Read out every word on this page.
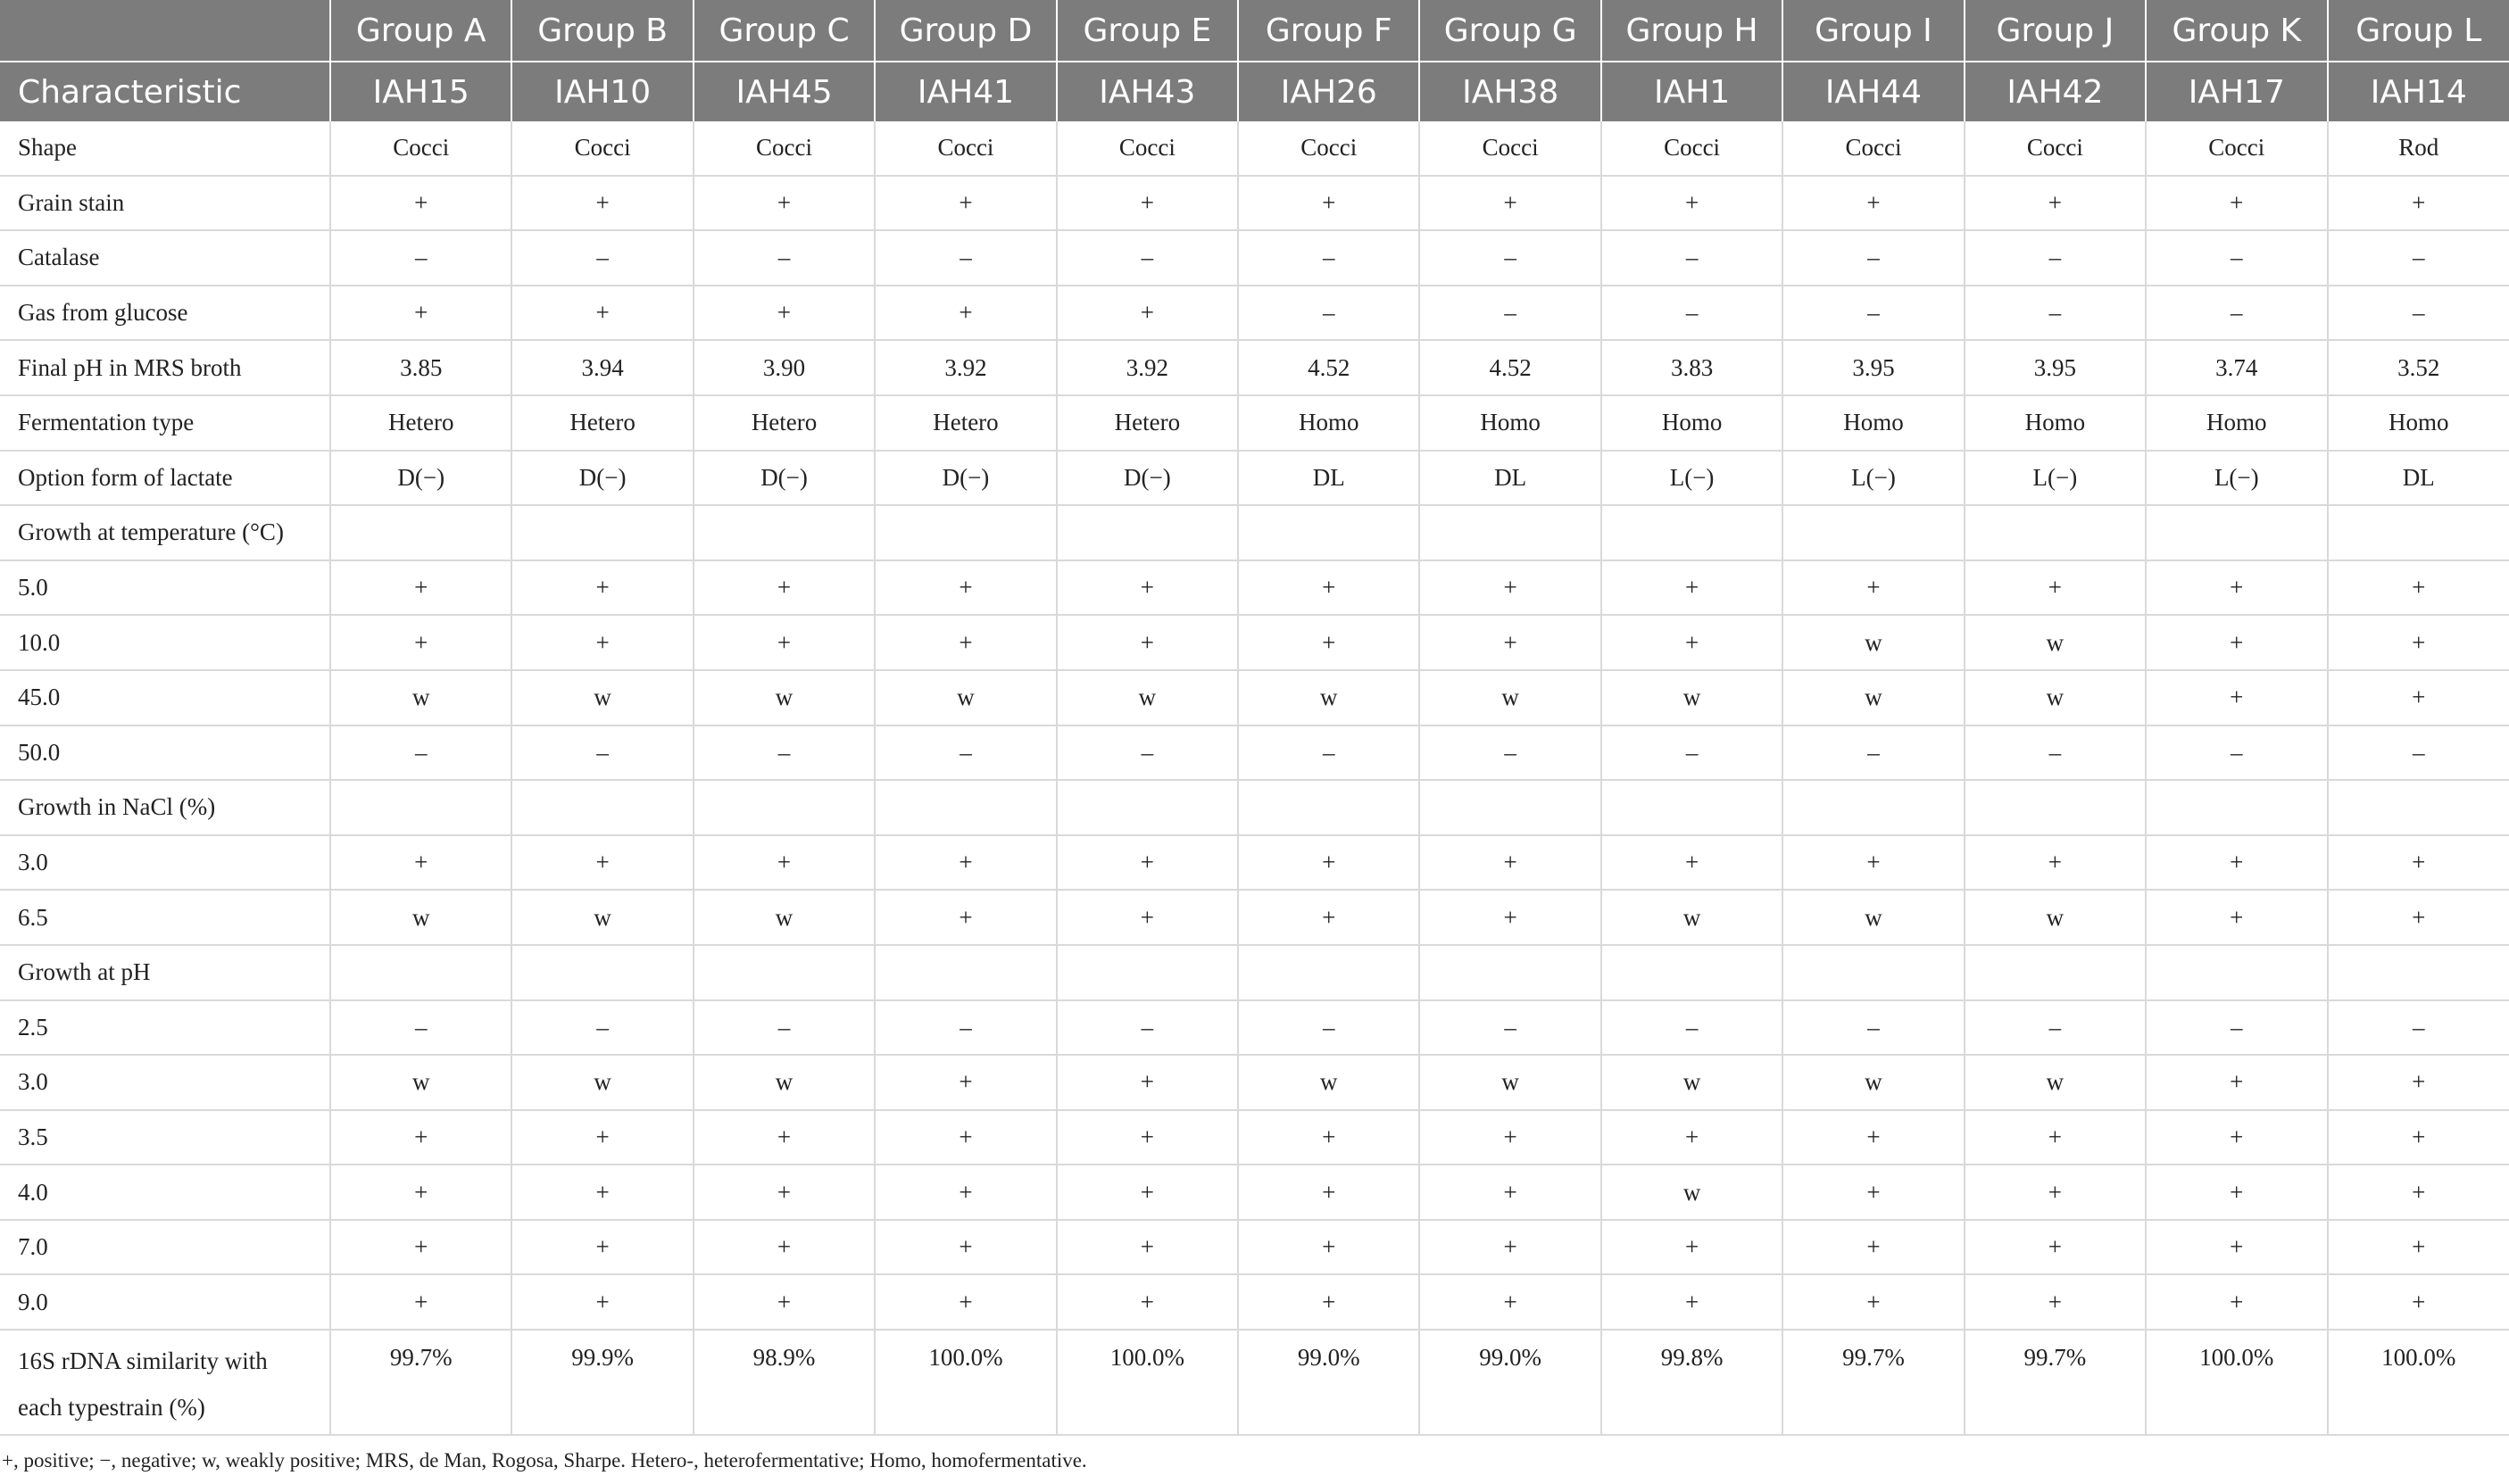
	Group A	Group B	Group C	Group D	Group E	Group F	Group G	Group H	Group I	Group J	Group K	Group L
Characteristic	IAH15	IAH10	IAH45	IAH41	IAH43	IAH26	IAH38	IAH1	IAH44	IAH42	IAH17	IAH14
Shape	Cocci	Cocci	Cocci	Cocci	Cocci	Cocci	Cocci	Cocci	Cocci	Cocci	Cocci	Rod
Grain stain	+	+	+	+	+	+	+	+	+	+	+	+
Catalase	–	–	–	–	–	–	–	–	–	–	–	–
Gas from glucose	+	+	+	+	+	–	–	–	–	–	–	–
Final pH in MRS broth	3.85	3.94	3.90	3.92	3.92	4.52	4.52	3.83	3.95	3.95	3.74	3.52
Fermentation type	Hetero	Hetero	Hetero	Hetero	Hetero	Homo	Homo	Homo	Homo	Homo	Homo	Homo
Option form of lactate	D(−)	D(−)	D(−)	D(−)	D(−)	DL	DL	L(−)	L(−)	L(−)	L(−)	DL
Growth at temperature (°C)												
5.0	+	+	+	+	+	+	+	+	+	+	+	+
10.0	+	+	+	+	+	+	+	+	w	w	+	+
45.0	w	w	w	w	w	w	w	w	w	w	+	+
50.0	–	–	–	–	–	–	–	–	–	–	–	–
Growth in NaCl (%)												
3.0	+	+	+	+	+	+	+	+	+	+	+	+
6.5	w	w	w	+	+	+	+	w	w	w	+	+
Growth at pH												
2.5	–	–	–	–	–	–	–	–	–	–	–	–
3.0	w	w	w	+	+	w	w	w	w	w	+	+
3.5	+	+	+	+	+	+	+	+	+	+	+	+
4.0	+	+	+	+	+	+	+	w	+	+	+	+
7.0	+	+	+	+	+	+	+	+	+	+	+	+
9.0	+	+	+	+	+	+	+	+	+	+	+	+
16S rDNA similarity with
each typestrain (%)	99.7%	99.9%	98.9%	100.0%	100.0%	99.0%	99.0%	99.8%	99.7%	99.7%	100.0%	100.0%
+, positive; −, negative; w, weakly positive; MRS, de Man, Rogosa, Sharpe. Hetero-, heterofermentative; Homo, homofermentative.
